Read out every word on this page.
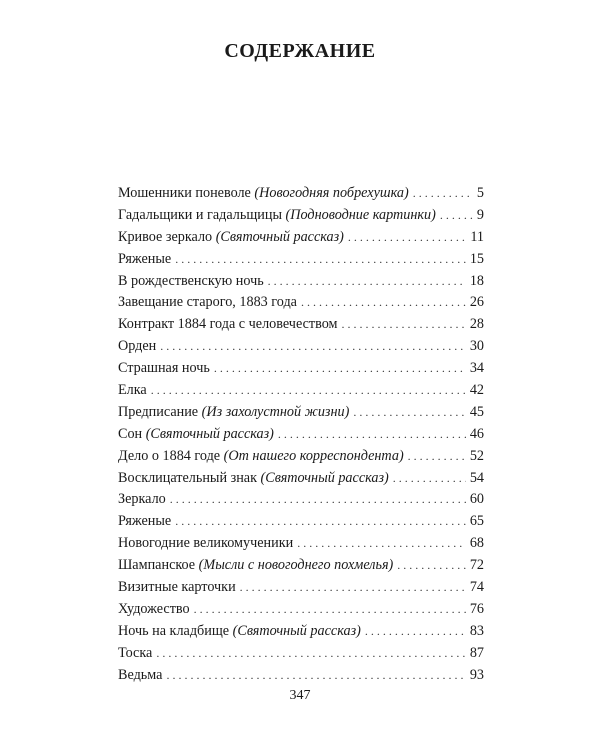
СОДЕРЖАНИЕ
Мошенники поневоле (Новогодняя побрехушка) . . .	5
Гадальщики и гадальщицы (Подноводние картинки) . . .	9
Кривое зеркало (Святочный рассказ) . . .	11
Ряженые . . .	15
В рождественскую ночь . . .	18
Завещание старого, 1883 года . . .	26
Контракт 1884 года с человечеством . . .	28
Орден . . .	30
Страшная ночь . . .	34
Елка . . .	42
Предписание (Из захолустной жизни) . . .	45
Сон (Святочный рассказ) . . .	46
Дело о 1884 годе (От нашего корреспондента) . . .	52
Восклицательный знак (Святочный рассказ) . . .	54
Зеркало . . .	60
Ряженые . . .	65
Новогодние великомученики . . .	68
Шампанское (Мысли с новогоднего похмелья) . . .	72
Визитные карточки . . .	74
Художество . . .	76
Ночь на кладбище (Святочный рассказ) . . .	83
Тоска . . .	87
Ведьма . . .	93
347
